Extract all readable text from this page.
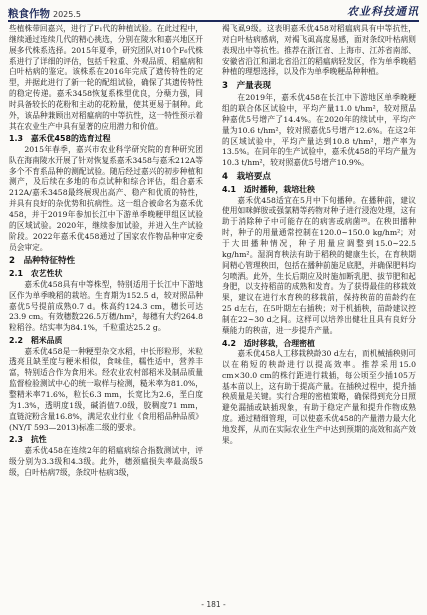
粮食作物 2025.5	农业科技通讯

些植株带回嘉兴，进行了F₁代的种植试验。在此过程中，继续通过连续几代的精心挑选，分别在陵水和嘉兴地区开展多代株系选择。2015年夏季，研究团队对10个F₆代株系进行了详细的评估，包括千粒重、外观品质、稻瘟病和白叶枯病的鉴定。该株系在2016年完成了遗传特性的定型，并据此进行了新一轮的配组试验，确保了其遗传特性的稳定传递。嘉禾3458恢复系株型优良，分蘖力强，同时具备较长的花粉和主动的花粉量，使其更易于制种。此外，该品种兼顾出对稻瘟病的中等抗性，这一特性预示着其在农业生产中具有显著的应用潜力和价值。

1.3　嘉禾优458的选育过程

2015年春季，嘉兴市农业科学研究院的育种研究团队在海南陵水开展了针对恢复系嘉禾3458与嘉禾212A等多个不育系品种的测配试验。随后经过嘉兴的初步种植和测产，及后续在多地的布点试种和综合评估，组合嘉禾212A/嘉禾3458最终展现出高产、稳产和优质的特性，并具有良好的杂优势和抗病性。这一组合被命名为嘉禾优458，并于2019年参加长江中下游单季晚粳甲组区试验的区域试验。2020年，继续参加试验，并进入生产试验阶段。2022年嘉禾优458通过了国家农作物品种审定委员会审定。

2　品种特征特性
2.1　农艺性状

嘉禾优458具有中等株型，特别适用于长江中下游地区作为单季晚稻的栽培。生育期为152.5 d，较对照品种嘉优5号提前成熟0.7 d。株高约124.3 cm，穗长可达23.9 cm。有效穗数226.5万穗/hm²，每穗有大约264.8粒稻谷。结实率为84.1%，千粒重达25.2 g。

2.2　稻米品质

嘉禾优458是一种粳型杂交水稻，中长形粒形，米粒透亮且缺垩度与粳米相似，食味佳，糯性适中，营养丰富，特别适合作为食用米。经农业农村部稻米及制品质量监督检验测试中心的统一取样与检测，糙米率为81.0%，整精米率71.6%，粒长6.3 mm，长宽比为2.6，垩白度为1.3%，透明度1级，碱消值7.0级，胶稠度71 mm，直链淀粉含量16.8%，满足农业行业《食用稻品种品质》(NY/T 593—2013)标准二级的要求。

2.3　抗性

嘉禾优458在连续2年的稻瘟病综合指数测试中，评级分别为3.3级和4.3级。此外，穗颈瘟损失率最高级5级，白叶枯病7级，条纹叶枯病3级，

褐飞虱9级。这表明嘉禾优458对稻瘟病具有中等抗性，对白叶枯病感病，对褐飞虱高度易感，面对条纹叶枯病则表现出中等抗性。推荐在浙江省、上海市、江苏省南部、安徽省沿江和湖北省沿江的稻瘟病轻发区，作为单季晚稻种植的理想选择，以及作为单季晚粳品种种植。

3　产量表现

在2019年，嘉禾优458在长江中下游地区单季晚粳组的联合体区试验中，平均产量11.0 t/hm²，较对照品种嘉优5号增产了14.4%。在2020年的续试中，平均产量为10.6 t/hm²，较对照嘉优5号增产12.6%。在这2年的区域试验中，平均产量达到10.8 t/hm²，增产率为13.5%。在同年的生产试验中，嘉禾优458的平均产量为10.3 t/hm²，较对照嘉优5号增产10.9%。

4　栽培要点
4.1　适时播种，栽培壮秧

嘉禾优458适宜在5月中下旬播种。在播种前，建议使用如咪鲜胺或强氯精等药物对种子进行浸泡处理，这有助于消除种子中可能存在的病害或病菌²⁸。在秧田播种时，种子的用量通常控制在120.0~150.0 kg/hm²；对于大田播种情况，种子用量应调整到15.0~22.5 kg/hm²。湿润育秧法有助于稻秧的健康生长，在育秧期间精心管理秧田，包括在播种前施足底肥，并确保肥料均匀喷洒。此外，生长后期应及时施加断乳肥、拔节肥和起身肥，以支持稻苗的成熟和发育。为了获得最佳的移栽效果，建议在进行水育秧的移栽前，保持秧苗的苗龄约在25 d左右，在5叶期左右插秧；对于机插秧，苗龄建议控制在22~30 d之间。这样可以培养出健壮且具有良好分蘖能力的秧苗，进一步提升产量。

4.2　适时移栽，合理密植

嘉禾优458人工移栽秧龄30 d左右，而机械插秧则可以在稍短的秧龄进行以提高效率。推荐采用15.0 cm×30.0 cm的株行距进行栽插，每公顷至少插105万基本苗以上，这有助于提高产量。在插秧过程中，提升插秧质量是关键。实行合理的密植策略，确保得到充分日照避免漏插或缺插现象，有助于稳定产量和提升作物成熟度。通过精细管理，可以使嘉禾优458的产量潜力最大化地发挥，从而在实际农业生产中达到预期的高效和高产效果。

- 181 -
